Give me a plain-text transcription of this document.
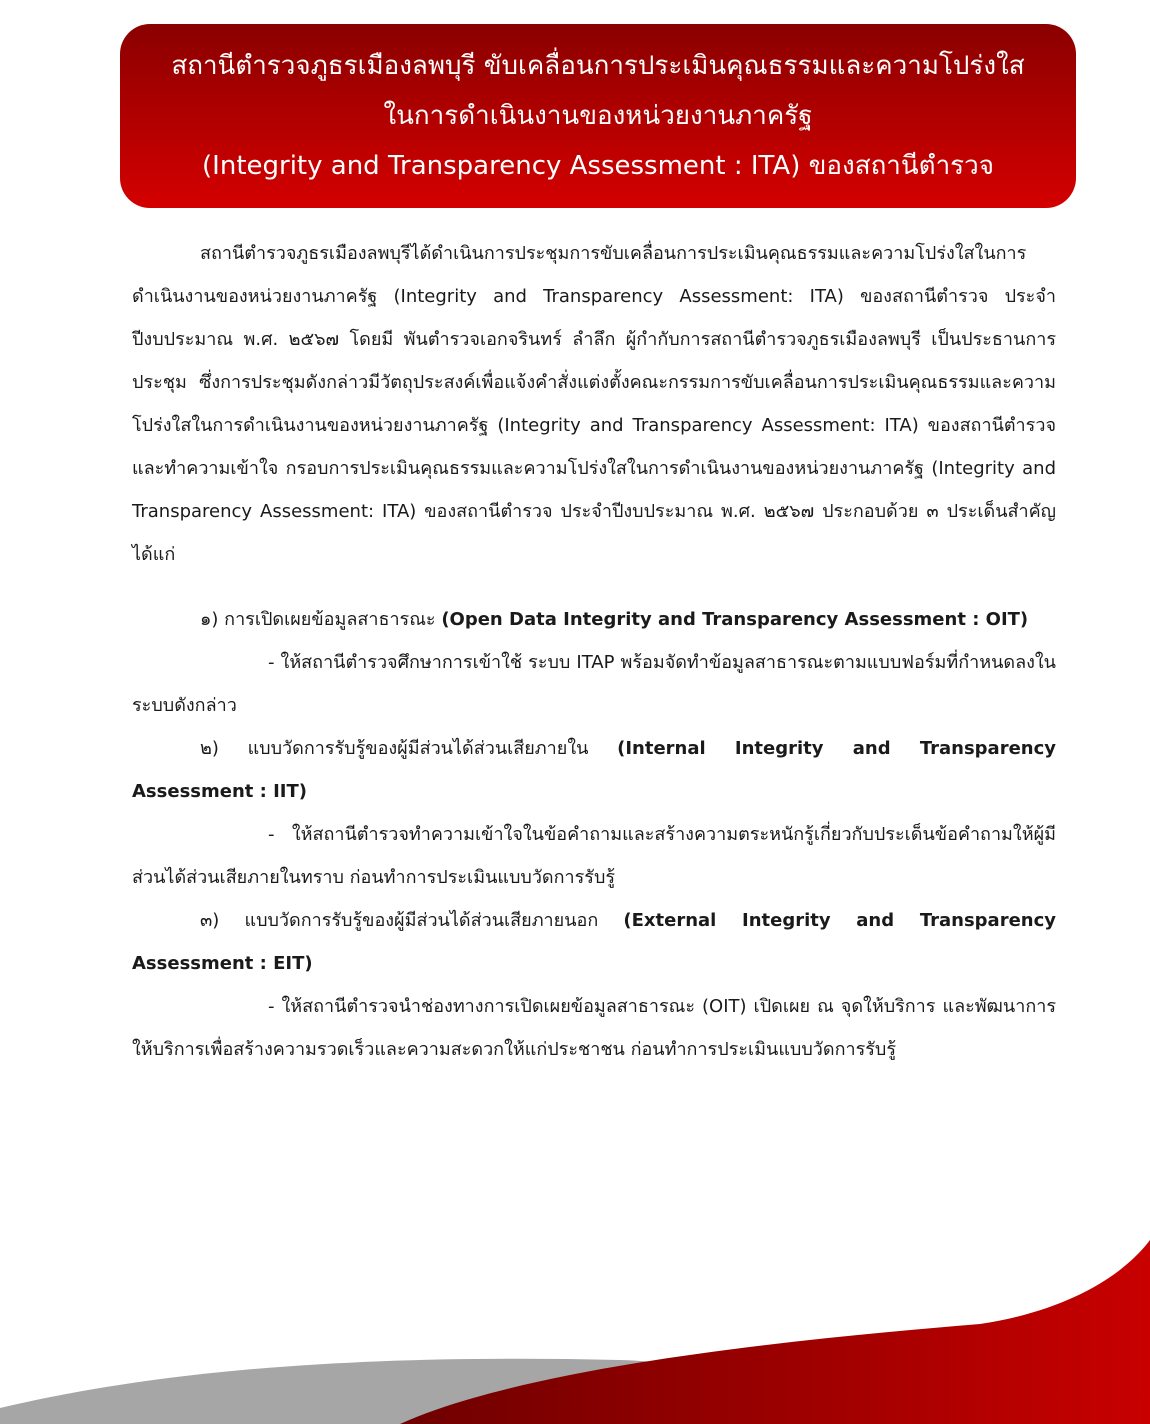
สถานีตำรวจภูธรเมืองลพบุรี ขับเคลื่อนการประเมินคุณธรรมและความโปร่งใส
ในการดำเนินงานของหน่วยงานภาครัฐ
(Integrity and Transparency Assessment : ITA) ของสถานีตำรวจ

สถานีตำรวจภูธรเมืองลพบุรีได้ดำเนินการประชุมการขับเคลื่อนการประเมินคุณธรรมและความโปร่งใสในการดำเนินงานของหน่วยงานภาครัฐ (Integrity and Transparency Assessment: ITA) ของสถานีตำรวจ ประจำปีงบประมาณ พ.ศ. ๒๕๖๗ โดยมี พันตำรวจเอกจรินทร์ ลำลึก ผู้กำกับการสถานีตำรวจภูธรเมืองลพบุรี เป็นประธานการประชุม ซึ่งการประชุมดังกล่าวมีวัตถุประสงค์เพื่อแจ้งคำสั่งแต่งตั้งคณะกรรมการขับเคลื่อนการประเมินคุณธรรมและความโปร่งใสในการดำเนินงานของหน่วยงานภาครัฐ (Integrity and Transparency Assessment: ITA) ของสถานีตำรวจ และทำความเข้าใจ กรอบการประเมินคุณธรรมและความโปร่งใสในการดำเนินงานของหน่วยงานภาครัฐ (Integrity and Transparency Assessment: ITA) ของสถานีตำรวจ ประจำปีงบประมาณ พ.ศ. ๒๕๖๗ ประกอบด้วย ๓ ประเด็นสำคัญ ได้แก่

๑) การเปิดเผยข้อมูลสาธารณะ (Open Data Integrity and Transparency Assessment : OIT)

- ให้สถานีตำรวจศึกษาการเข้าใช้ ระบบ ITAP พร้อมจัดทำข้อมูลสาธารณะตามแบบฟอร์มที่กำหนดลงในระบบดังกล่าว

๒) แบบวัดการรับรู้ของผู้มีส่วนได้ส่วนเสียภายใน (Internal Integrity and Transparency Assessment : IIT)

- ให้สถานีตำรวจทำความเข้าใจในข้อคำถามและสร้างความตระหนักรู้เกี่ยวกับประเด็นข้อคำถามให้ผู้มีส่วนได้ส่วนเสียภายในทราบ ก่อนทำการประเมินแบบวัดการรับรู้

๓) แบบวัดการรับรู้ของผู้มีส่วนได้ส่วนเสียภายนอก (External Integrity and Transparency Assessment : EIT)

- ให้สถานีตำรวจนำช่องทางการเปิดเผยข้อมูลสาธารณะ (OIT) เปิดเผย ณ จุดให้บริการ และพัฒนาการให้บริการเพื่อสร้างความรวดเร็วและความสะดวกให้แก่ประชาชน ก่อนทำการประเมินแบบวัดการรับรู้
